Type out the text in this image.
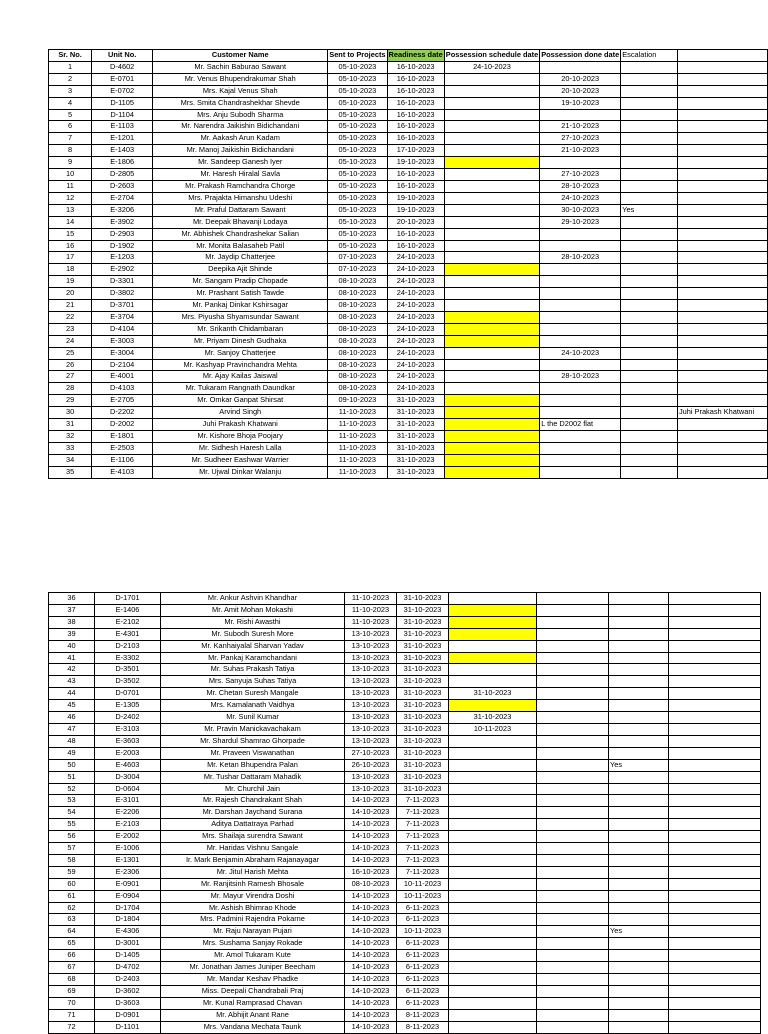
Sr. No.	Unit No.	Customer Name	Sent to Projects	Readiness date	Possession schedule date	Possession done date	Escalation	
1	D-4602	Mr. Sachin Baburao Sawant	05-10-2023	16-10-2023	24-10-2023			
2	E-0701	Mr. Venus Bhupendrakumar Shah	05-10-2023	16-10-2023		20-10-2023		
3	E-0702	Mrs. Kajal Venus Shah	05-10-2023	16-10-2023		20-10-2023		
4	D-1105	Mrs. Smita Chandrashekhar Shevde	05-10-2023	16-10-2023		19-10-2023		
5	D-1104	Mrs. Anju Subodh Sharma	05-10-2023	16-10-2023				
6	E-1103	Mr. Narendra Jaikishin Bidichandani	05-10-2023	16-10-2023		21-10-2023		
7	E-1201	Mr. Aakash Arun Kadam	05-10-2023	16-10-2023		27-10-2023		
8	E-1403	Mr. Manoj Jaikishin Bidichandani	05-10-2023	17-10-2023		21-10-2023		
9	E-1806	Mr. Sandeep Ganesh Iyer	05-10-2023	19-10-2023				
10	D-2805	Mr. Haresh Hiralal Savla	05-10-2023	16-10-2023		27-10-2023		
11	D-2603	Mr. Prakash Ramchandra Chorge	05-10-2023	16-10-2023		28-10-2023		
12	E-2704	Mrs. Prajakta Himanshu Udeshi	05-10-2023	19-10-2023		24-10-2023		
13	E-3206	Mr. Praful Dattaram Sawant	05-10-2023	19-10-2023		30-10-2023	Yes	
14	E-3902	Mr. Deepak Bhavanji Lodaya	05-10-2023	20-10-2023		29-10-2023		
15	D-2903	Mr. Abhishek Chandrashekar Salian	05-10-2023	16-10-2023				
16	D-1902	Mr. Monita Balasaheb Patil	05-10-2023	16-10-2023				
17	E-1203	Mr. Jaydip Chatterjee	07-10-2023	24-10-2023		28-10-2023		
18	E-2902	Deepika Ajit Shinde	07-10-2023	24-10-2023				
19	D-3301	Mr. Sangam Pradip Chopade	08-10-2023	24-10-2023				
20	D-3802	Mr. Prashant Satish Tawde	08-10-2023	24-10-2023				
21	D-3701	Mr. Pankaj Dinkar Kshirsagar	08-10-2023	24-10-2023				
22	E-3704	Mrs. Piyusha Shyamsundar Sawant	08-10-2023	24-10-2023				
23	D-4104	Mr. Srikanth Chidambaran	08-10-2023	24-10-2023				
24	E-3003	Mr. Priyam Dinesh Gudhaka	08-10-2023	24-10-2023				
25	E-3004	Mr. Sanjoy Chatterjee	08-10-2023	24-10-2023		24-10-2023		
26	D-2104	Mr. Kashyap Pravinchandra Mehta	08-10-2023	24-10-2023				
27	E-4001	Mr. Ajay Kailas Jaiswal	08-10-2023	24-10-2023		28-10-2023		
28	D-4103	Mr. Tukaram Rangnath Daundkar	08-10-2023	24-10-2023				
29	E-2705	Mr. Omkar Ganpat Shirsat	09-10-2023	31-10-2023				
30	D-2202	Arvind Singh	11-10-2023	31-10-2023				Juhi Prakash Khatwani
31	D-2002	Juhi Prakash Khatwani	11-10-2023	31-10-2023		L the D2002 flat		
32	E-1801	Mr. Kishore Bhoja Poojary	11-10-2023	31-10-2023				
33	E-2503	Mr. Sidhesh Haresh Lalla	11-10-2023	31-10-2023				
34	E-1106	Mr. Sudheer Eashwar Warrier	11-10-2023	31-10-2023				
35	E-4103	Mr. Ujwal Dinkar Walanju	11-10-2023	31-10-2023				
36	D-1701	Mr. Ankur Ashvin Khandhar	11-10-2023	31-10-2023				
37	E-1406	Mr. Amit Mohan Mokashi	11-10-2023	31-10-2023				
38	E-2102	Mr. Rishi Awasthi	11-10-2023	31-10-2023				
39	E-4301	Mr. Subodh Suresh More	13-10-2023	31-10-2023				
40	D-2103	Mr. Kanhaiyalal Sharvan Yadav	13-10-2023	31-10-2023				
41	E-3302	Mr. Pankaj Karamchandani	13-10-2023	31-10-2023				
42	D-3501	Mr. Suhas Prakash Tatiya	13-10-2023	31-10-2023				
43	D-3502	Mrs. Sanyuja Suhas Tatiya	13-10-2023	31-10-2023				
44	D-0701	Mr. Chetan Suresh Mangale	13-10-2023	31-10-2023	31-10-2023			
45	E-1305	Mrs. Kamalanath Vaidhya	13-10-2023	31-10-2023				
46	D-2402	Mr. Sunil Kumar	13-10-2023	31-10-2023	31-10-2023			
47	E-3103	Mr. Pravin Manickavachakam	13-10-2023	31-10-2023	10-11-2023			
48	E-3603	Mr. Shardul Shamrao Ghorpade	13-10-2023	31-10-2023				
49	E-2003	Mr. Praveen Viswanathan	27-10-2023	31-10-2023				
50	E-4603	Mr. Ketan Bhupendra Palan	26-10-2023	31-10-2023			Yes	
51	D-3004	Mr. Tushar Dattaram Mahadik	13-10-2023	31-10-2023				
52	D-0604	Mr. Churchil Jain	13-10-2023	31-10-2023				
53	E-3101	Mr. Rajesh Chandrakant Shah	14-10-2023	7-11-2023				
54	E-2206	Mr. Darshan Jaychand Surana	14-10-2023	7-11-2023				
55	E-2103	Aditya Dattatraya Parhad	14-10-2023	7-11-2023				
56	E-2002	Mrs. Shailaja surendra Sawant	14-10-2023	7-11-2023				
57	E-1006	Mr. Haridas Vishnu Sangale	14-10-2023	7-11-2023				
58	E-1301	Ir. Mark Benjamin Abraham Rajanayagar	14-10-2023	7-11-2023				
59	E-2306	Mr. Jitul Harish Mehta	16-10-2023	7-11-2023				
60	E-0901	Mr. Ranjitsinh Ramesh Bhosale	08-10-2023	10-11-2023				
61	E-0904	Mr. Mayur Virendra Doshi	14-10-2023	10-11-2023				
62	D-1704	Mr. Ashish Bhimrao Khode	14-10-2023	6-11-2023				
63	D-1804	Mrs. Padmini Rajendra Pokarne	14-10-2023	6-11-2023				
64	E-4306	Mr. Raju Narayan Pujari	14-10-2023	10-11-2023			Yes	
65	D-3001	Mrs. Sushama Sanjay Rokade	14-10-2023	6-11-2023				
66	D-1405	Mr. Amol Tukaram Kute	14-10-2023	6-11-2023				
67	D-4702	Mr. Jonathan James Juniper Beecham	14-10-2023	6-11-2023				
68	D-2403	Mr. Mandar Keshav Phadke	14-10-2023	6-11-2023				
69	D-3602	Miss. Deepali Chandrabali Praj	14-10-2023	6-11-2023				
70	D-3603	Mr. Kunal Ramprasad Chavan	14-10-2023	6-11-2023				
71	D-0901	Mr. Abhijit Anant Rane	14-10-2023	8-11-2023				
72	D-1101	Mrs. Vandana Mechata Taunk	14-10-2023	8-11-2023				
